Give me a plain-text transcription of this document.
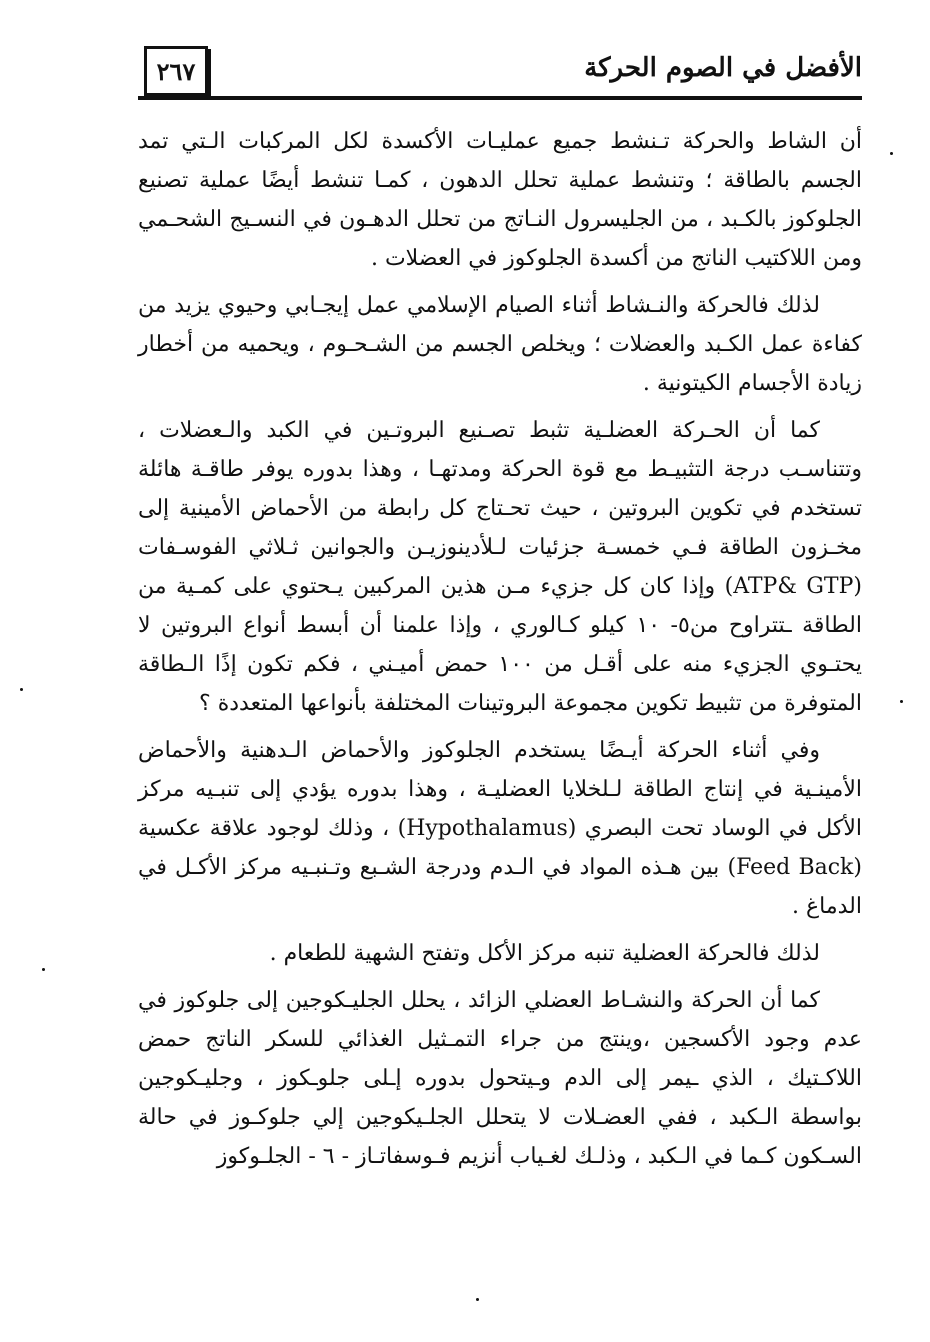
٢٦٧	الأفضل في الصوم الحركة

أن الشاط والحركة تـنشط جميع عمليـات الأكسدة لكل المركبات الـتي تمد الجسم بالطاقة ؛ وتنشط عملية تحلل الدهون ، كمـا تنشط أيضًا عملية تصنيع الجلوكوز بالكـبد ، من الجليسرول النـاتج من تحلل الدهـون في النسـيج الشحـمي ومن اللاكتيب الناتج من أكسدة الجلوكوز في العضلات .

لذلك فالحركة والنـشاط أثناء الصيام الإسلامي عمل إيجـابي وحيوي يزيد من كفاءة عمل الكـبد والعضلات ؛ ويخلص الجسم من الشـحـوم ، ويحميه من أخطار زيادة الأجسام الكيتونية .

كما أن الحـركة العضلـية تثبط تصـنيع البروتـين في الكبد والـعضلات ، وتتناسـب درجة التثبيـط مع قوة الحركة ومدتهـا ، وهذا بدوره يوفر طاقـة هائلة تستخدم في تكوين البروتين ، حيث تحـتاج كل رابطة من الأحماض الأمينية إلى مخـزون الطاقة فـي خمسـة جزئيات لـلأدينوزيـن والجوانين ثـلاثي الفوسـفات (ATP& GTP) وإذا كان كل جزيء مـن هذين المركبين يـحتوي على كمـية من الطاقة ـتتراوح من٥- ١٠ كيلو كـالوري ، وإذا علمنا أن أبسط أنواع البروتين لا يحتـوي الجزيء منه على أقـل من ١٠٠ حمض أميـني ، فكم تكون إذًا الـطاقة المتوفرة من تثبيط تكوين مجموعة البروتينات المختلفة بأنواعها المتعددة ؟

وفي أثناء الحركة أيـضًا يستخدم الجلوكوز والأحماض الـدهنية والأحماض الأمينـية في إنتاج الطاقة لـلخلايا العضليـة ، وهذا بدوره يؤدي إلى تنبـيه مركز الأكل في الوساد تحت البصري (Hypothalamus) ، وذلك لوجود علاقة عكسية (Feed Back) بين هـذه المواد في الـدم ودرجة الشـبع وتـنبـيه مركز الأكـل في الدماغ .

لذلك فالحركة العضلية تنبه مركز الأكل وتفتح الشهية للطعام .

كما أن الحركة والنشـاط العضلي الزائد ، يحلل الجليـكوجين إلى جلوكوز في عدم وجود الأكسجين ،وينتج من جراء التمـثيل الغذائي للسكر الناتج حمض اللاكـتيك ، الذي ـيمر إلى الدم وـيتحول بدوره إـلى جلوـكوز ، وجليـكوجين بواسطة الـكبد ، ففي العضـلات لا يتحلل الجلـيكوجين إلي جلوكـوز في حالة السـكون كـما في الـكبد ، وذلـك لغـياب أنزيم فـوسفاتـاز - ٦ - الجلـوكوز
